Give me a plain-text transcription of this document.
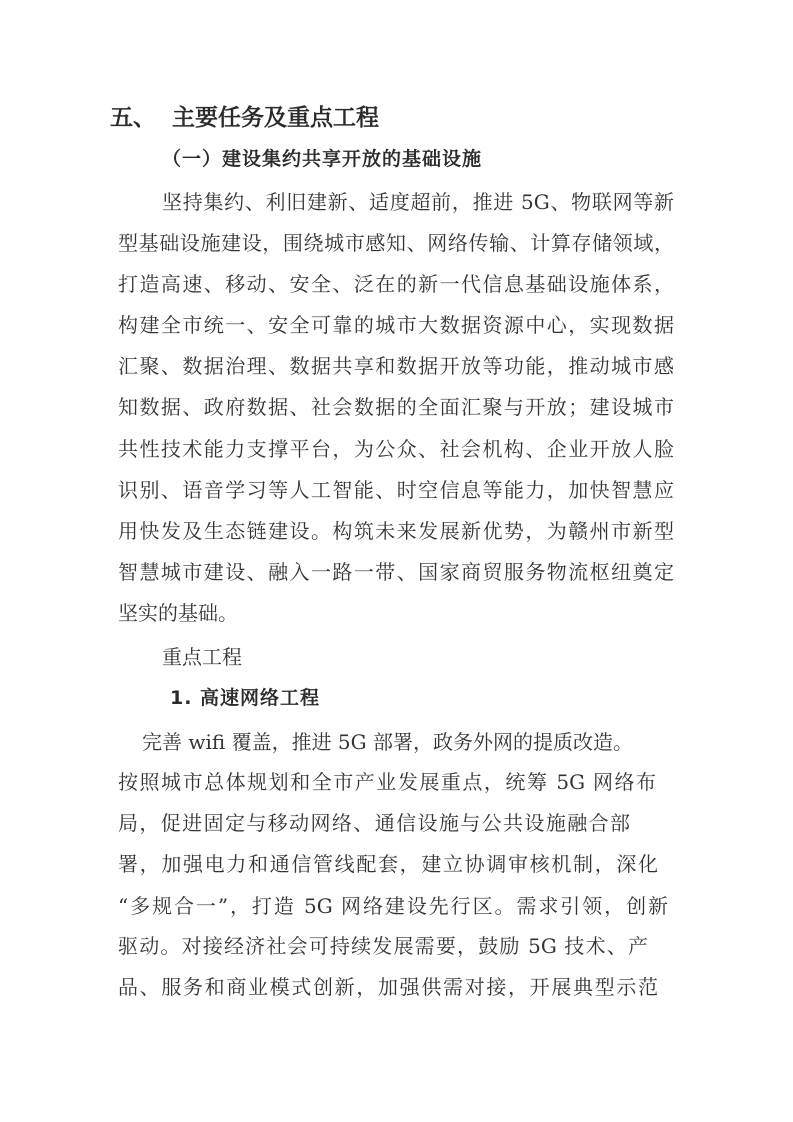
五、 主要任务及重点工程
（一）建设集约共享开放的基础设施
坚持集约、利旧建新、适度超前，推进 5G、物联网等新
型基础设施建设，围绕城市感知、网络传输、计算存储领域，
打造高速、移动、安全、泛在的新一代信息基础设施体系，
构建全市统一、安全可靠的城市大数据资源中心，实现数据
汇聚、数据治理、数据共享和数据开放等功能，推动城市感
知数据、政府数据、社会数据的全面汇聚与开放；建设城市
共性技术能力支撑平台，为公众、社会机构、企业开放人脸
识别、语音学习等人工智能、时空信息等能力，加快智慧应
用快发及生态链建设。构筑未来发展新优势，为赣州市新型
智慧城市建设、融入一路一带、国家商贸服务物流枢纽奠定
坚实的基础。
重点工程
1. 高速网络工程
完善 wifi 覆盖，推进 5G 部署，政务外网的提质改造。
按照城市总体规划和全市产业发展重点，统筹 5G 网络布
局，促进固定与移动网络、通信设施与公共设施融合部
署，加强电力和通信管线配套，建立协调审核机制，深化
“多规合一”，打造 5G 网络建设先行区。需求引领，创新
驱动。对接经济社会可持续发展需要，鼓励 5G 技术、产
品、服务和商业模式创新，加强供需对接，开展典型示范
